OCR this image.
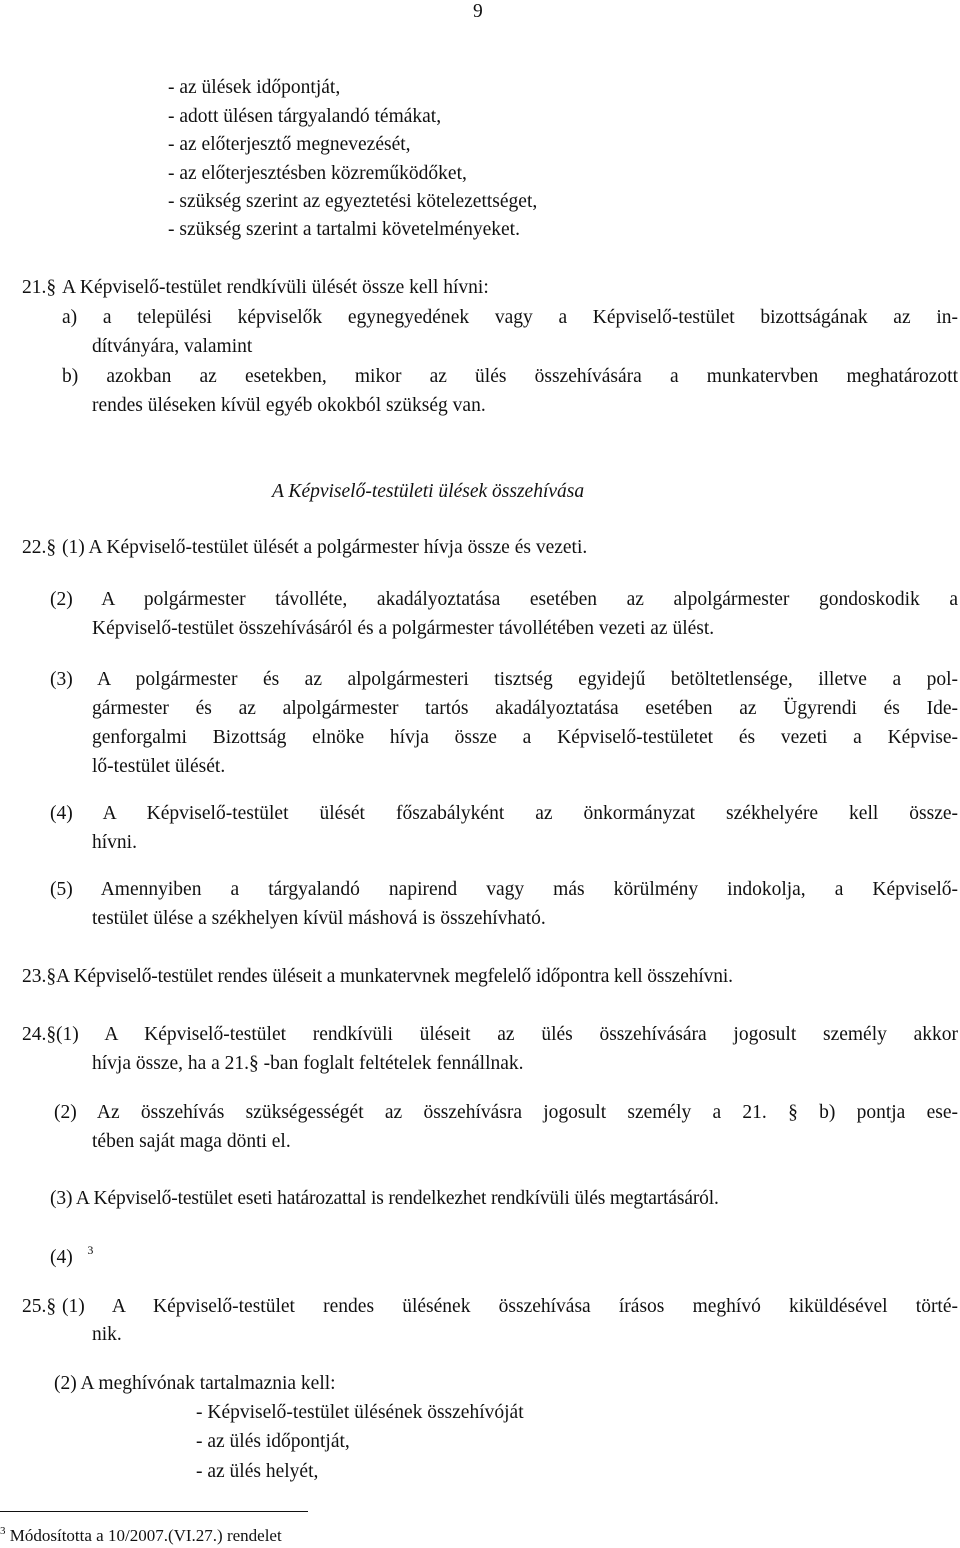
9
- az ülések időpontját,
- adott ülésen tárgyalandó témákat,
- az előterjesztő megnevezését,
- az előterjesztésben közreműködőket,
- szükség szerint az egyeztetési kötelezettséget,
- szükség szerint a tartalmi követelményeket.
21.§ A Képviselő-testület rendkívüli ülését össze kell hívni:
a) a települési képviselők egynegyedének vagy a Képviselő-testület bizottságának az in-
dítványára, valamint
b) azokban az esetekben, mikor az ülés összehívására a munkatervben meghatározott
rendes üléseken kívül egyéb okokból szükség van.
A Képviselő-testületi ülések összehívása
22.§ (1) A Képviselő-testület ülését a polgármester hívja össze és vezeti.
(2) A polgármester távolléte, akadályoztatása esetében az alpolgármester gondoskodik a
Képviselő-testület összehívásáról és a polgármester távollétében vezeti az ülést.
(3) A polgármester és az alpolgármesteri tisztség egyidejű betöltetlensége, illetve a pol-
gármester és az alpolgármester tartós akadályoztatása esetében az Ügyrendi és Ide-
genforgalmi Bizottság elnöke hívja össze a Képviselő-testületet és vezeti a Képvise-
lő-testület ülését.
(4) A Képviselő-testület ülését főszabályként az önkormányzat székhelyére kell össze-
hívni.
(5) Amennyiben a tárgyalandó napirend vagy más körülmény indokolja, a Képviselő-
testület ülése a székhelyen kívül máshová is összehívható.
23.§ A Képviselő-testület rendes üléseit a munkatervnek megfelelő időpontra kell összehívni.
24.§ (1) A Képviselő-testület rendkívüli üléseit az ülés összehívására jogosult személy akkor
hívja össze, ha a 21.§ -ban foglalt feltételek fennállnak.
(2) Az összehívás szükségességét az összehívásra jogosult személy a 21. § b) pontja ese-
tében saját maga dönti el.
(3) A Képviselő-testület eseti határozattal is rendelkezhet rendkívüli ülés megtartásáról.
(4) $^3$
25.§ (1) A Képviselő-testület rendes ülésének összehívása írásos meghívó kiküldésével törté-
nik.
(2) A meghívónak tartalmaznia kell:
- Képviselő-testület ülésének összehívóját
- az ülés időpontját,
- az ülés helyét,
$^3$ Módosította a 10/2007.(VI.27.) rendelet
